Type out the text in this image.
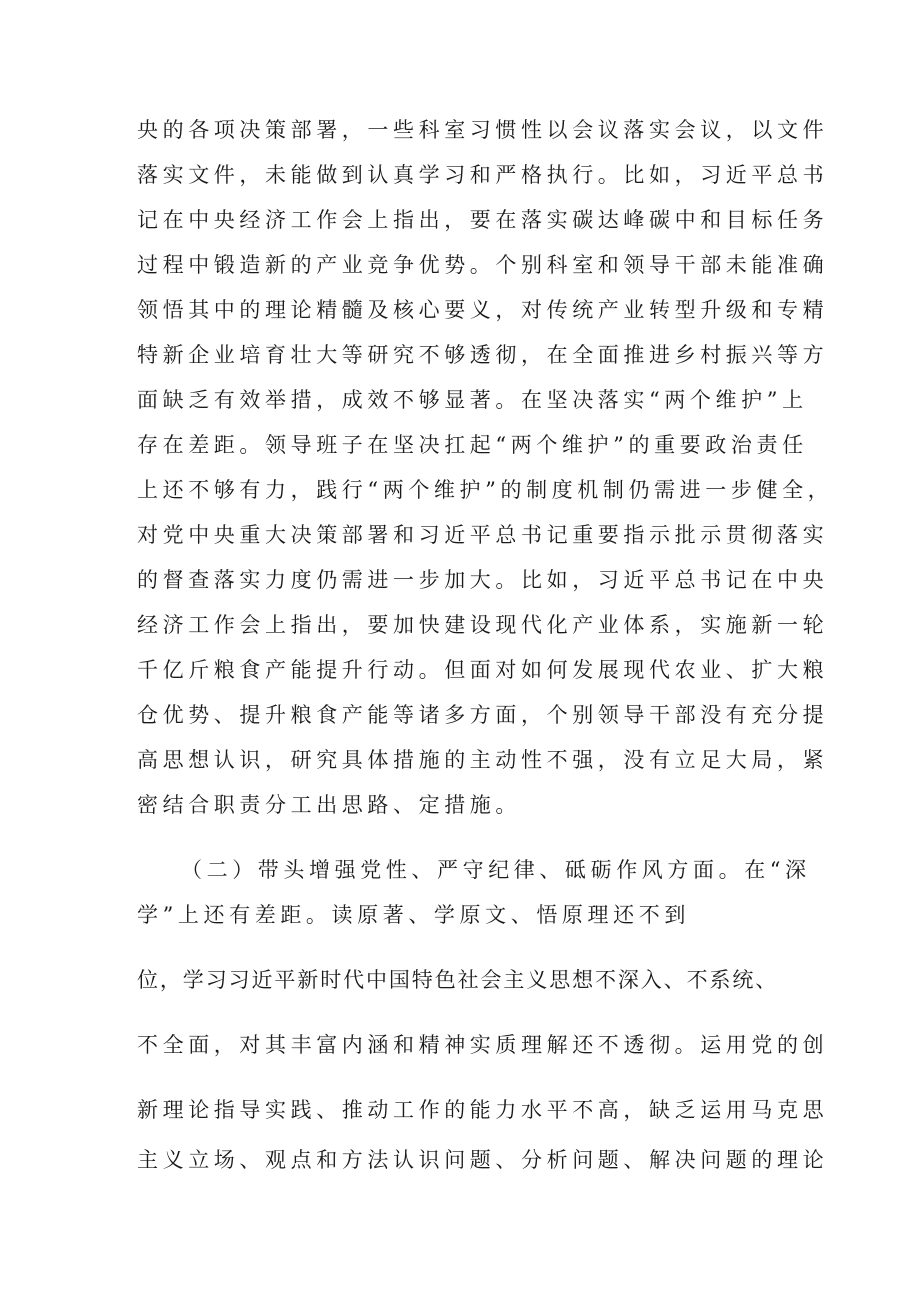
央的各项决策部署，一些科室习惯性以会议落实会议，以文件
落实文件，未能做到认真学习和严格执行。比如，习近平总书
记在中央经济工作会上指出，要在落实碳达峰碳中和目标任务
过程中锻造新的产业竞争优势。个别科室和领导干部未能准确
领悟其中的理论精髓及核心要义，对传统产业转型升级和专精
特新企业培育壮大等研究不够透彻，在全面推进乡村振兴等方
面缺乏有效举措，成效不够显著。在坚决落实“两个维护”上
存在差距。领导班子在坚决扛起“两个维护”的重要政治责任
上还不够有力，践行“两个维护”的制度机制仍需进一步健全，
对党中央重大决策部署和习近平总书记重要指示批示贯彻落实
的督查落实力度仍需进一步加大。比如，习近平总书记在中央
经济工作会上指出，要加快建设现代化产业体系，实施新一轮
千亿斤粮食产能提升行动。但面对如何发展现代农业、扩大粮
仓优势、提升粮食产能等诸多方面，个别领导干部没有充分提
高思想认识，研究具体措施的主动性不强，没有立足大局，紧
密结合职责分工出思路、定措施。
（二）带头增强党性、严守纪律、砥砺作风方面。在“深
学”上还有差距。读原著、学原文、悟原理还不到
位，学习习近平新时代中国特色社会主义思想不深入、不系统、
不全面，对其丰富内涵和精神实质理解还不透彻。运用党的创
新理论指导实践、推动工作的能力水平不高，缺乏运用马克思
主义立场、观点和方法认识问题、分析问题、解决问题的理论
